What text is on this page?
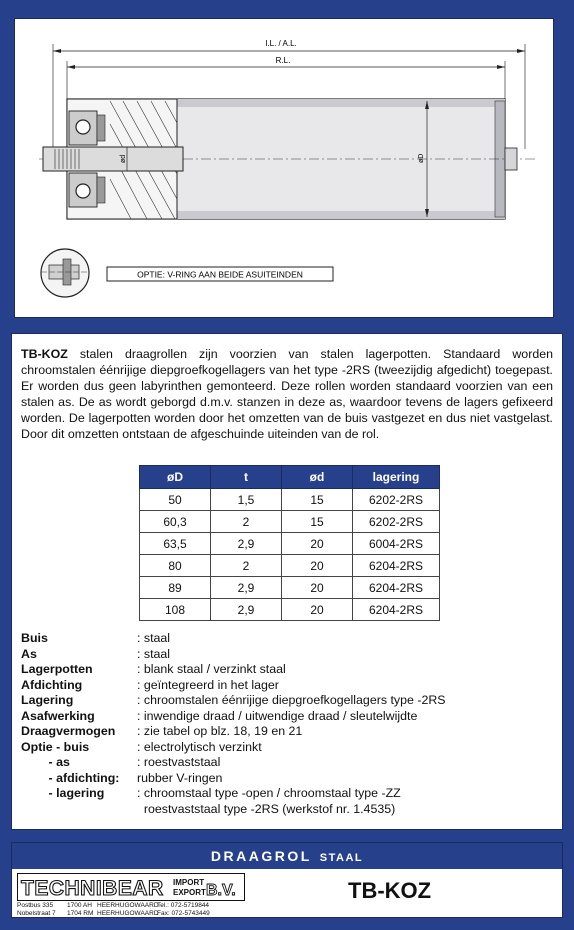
I.L. / A.L.
R.L.
ød	øD
OPTIE: V-RING AAN BEIDE ASUITEINDEN

TB-KOZ stalen draagrollen zijn voorzien van stalen lagerpotten. Standaard worden chroomstalen éénrijige diepgroefkogellagers van het type -2RS (tweezijdig afgedicht) toegepast. Er worden dus geen labyrinthen gemonteerd. Deze rollen worden standaard voorzien van een stalen as. De as wordt geborgd d.m.v. stanzen in deze as, waardoor tevens de lagers gefixeerd worden. De lagerpotten worden door het omzetten van de buis vastgezet en dus niet vastgelast. Door dit omzetten ontstaan de afgeschuinde uiteinden van de rol.

øD	t	ød	lagering
50	1,5	15	6202-2RS
60,3	2	15	6202-2RS
63,5	2,9	20	6004-2RS
80	2	20	6204-2RS
89	2,9	20	6204-2RS
108	2,9	20	6204-2RS
Buis	: staal
As	: staal
Lagerpotten	: blank staal / verzinkt staal
Afdichting	: geïntegreerd in het lager
Lagering	: chroomstalen éénrijige diepgroefkogellagers type -2RS
Asafwerking	: inwendige draad / uitwendige draad / sleutelwijdte
Draagvermogen	: zie tabel op blz. 18, 19 en 21
Optie - buis	: electrolytisch verzinkt
- as	: roestvaststaal
- afdichting:	rubber V-ringen
- lagering	: chroomstaal type -open / chroomstaal type -ZZ
roestvaststaal type -2RS (werkstof nr. 1.4535)
DRAAGROL STAAL
TECHNIBEAR IMPORT
EXPORT B.V.
Postbus 335 1700 AH HEERHUGOWAARDTel.: 072-5719844
Nobelstraat 7 1704 RM HEERHUGOWAARDFax: 072-5743449
TB-KOZ
